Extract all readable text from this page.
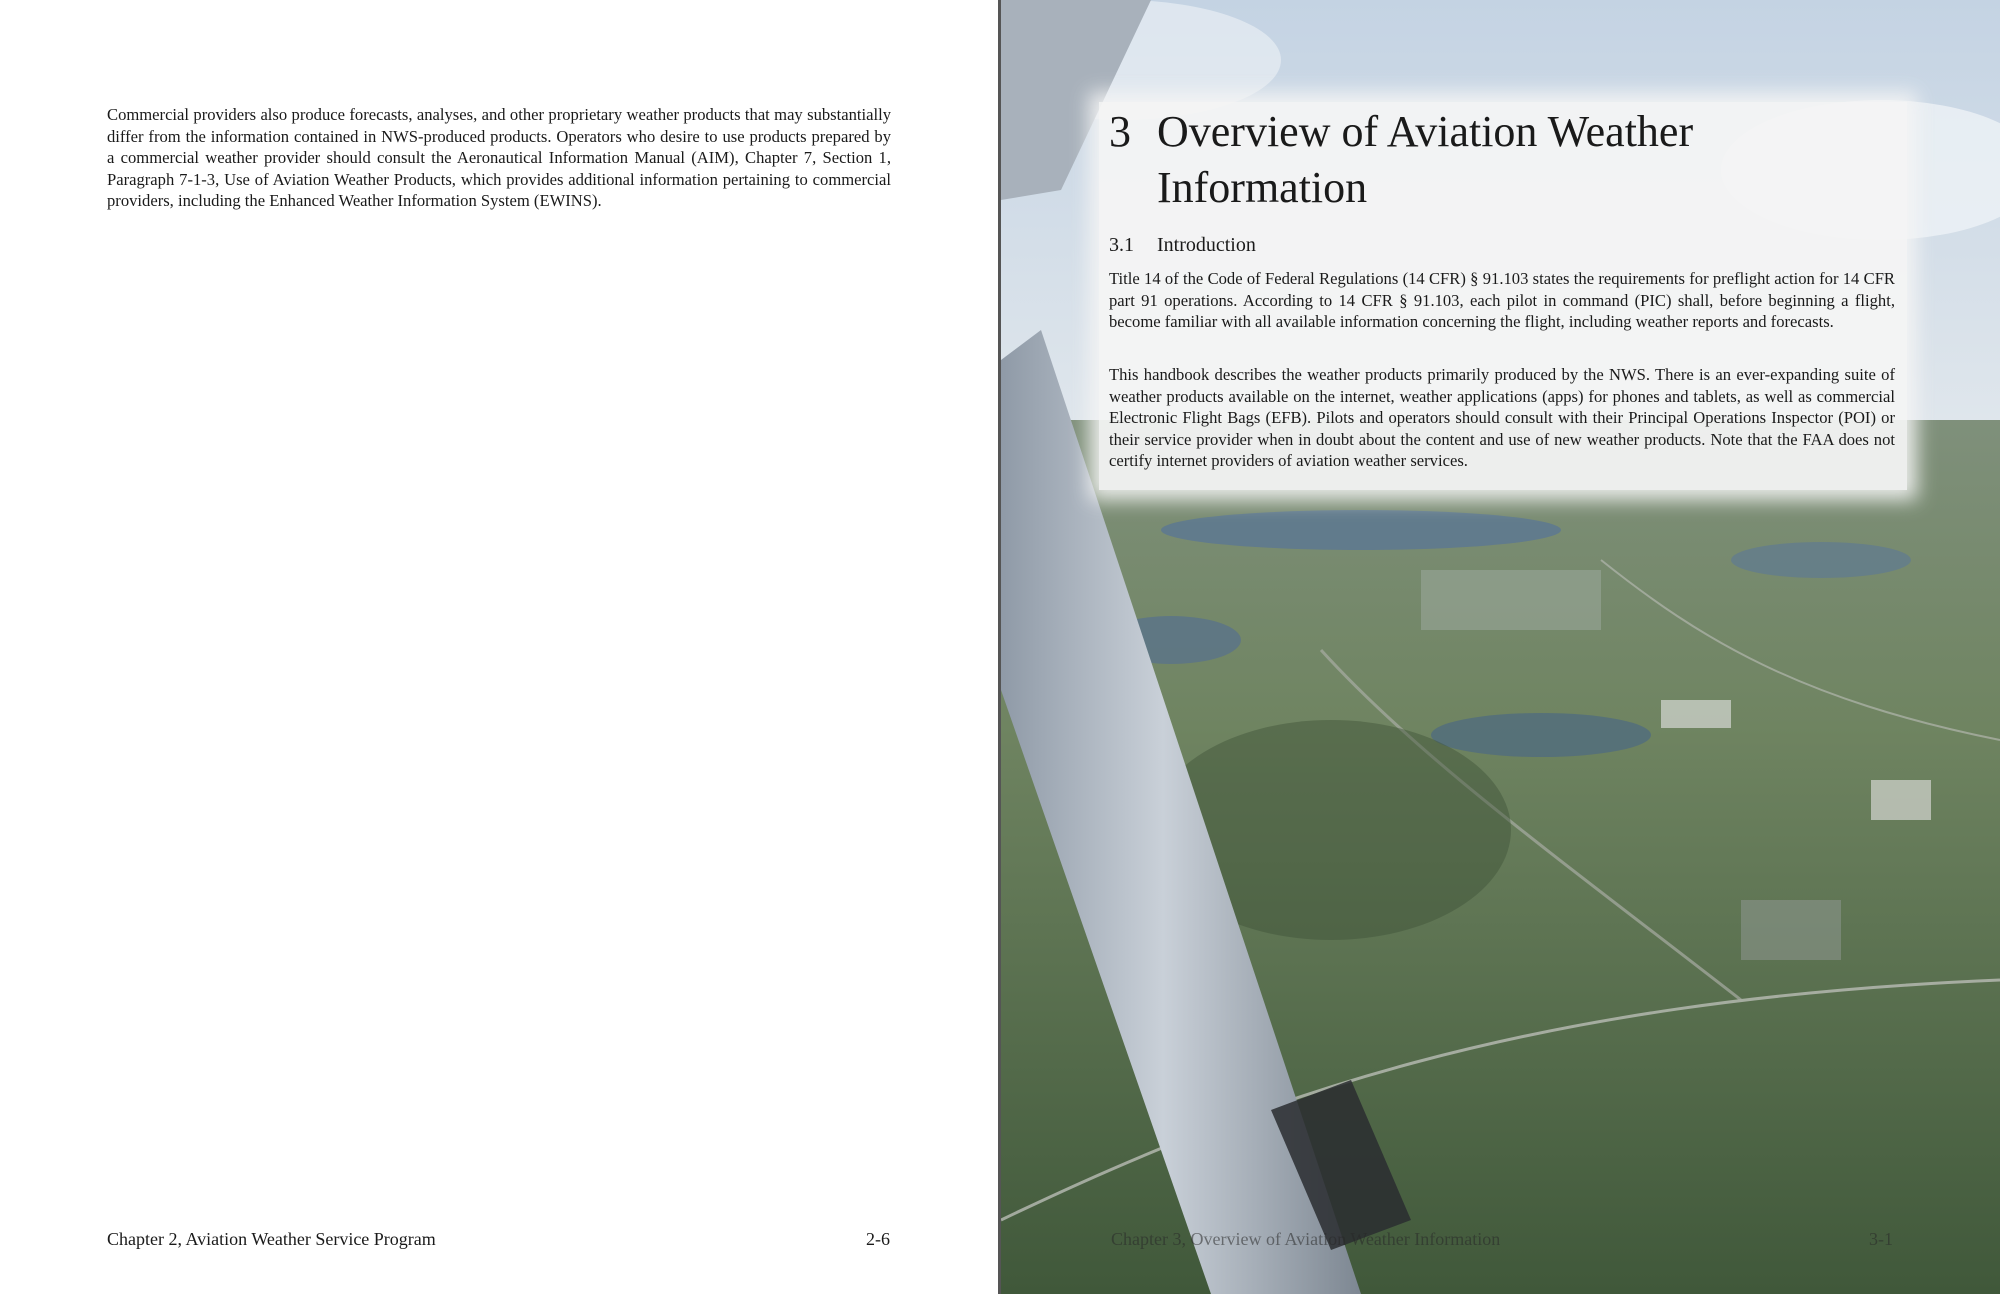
Commercial providers also produce forecasts, analyses, and other proprietary weather products that may substantially differ from the information contained in NWS-produced products. Operators who desire to use products prepared by a commercial weather provider should consult the Aeronautical Information Manual (AIM), Chapter 7, Section 1, Paragraph 7-1-3, Use of Aviation Weather Products, which provides additional information pertaining to commercial providers, including the Enhanced Weather Information System (EWINS).

Chapter 2, Aviation Weather Service Program	2-6
3 Overview of Aviation Weather Information
3.1 Introduction

Title 14 of the Code of Federal Regulations (14 CFR) § 91.103 states the requirements for preflight action for 14 CFR part 91 operations. According to 14 CFR § 91.103, each pilot in command (PIC) shall, before beginning a flight, become familiar with all available information concerning the flight, including weather reports and forecasts.

This handbook describes the weather products primarily produced by the NWS. There is an ever-expanding suite of weather products available on the internet, weather applications (apps) for phones and tablets, as well as commercial Electronic Flight Bags (EFB). Pilots and operators should consult with their Principal Operations Inspector (POI) or their service provider when in doubt about the content and use of new weather products. Note that the FAA does not certify internet providers of aviation weather services.

Chapter 3, Overview of Aviation Weather Information	3-1
